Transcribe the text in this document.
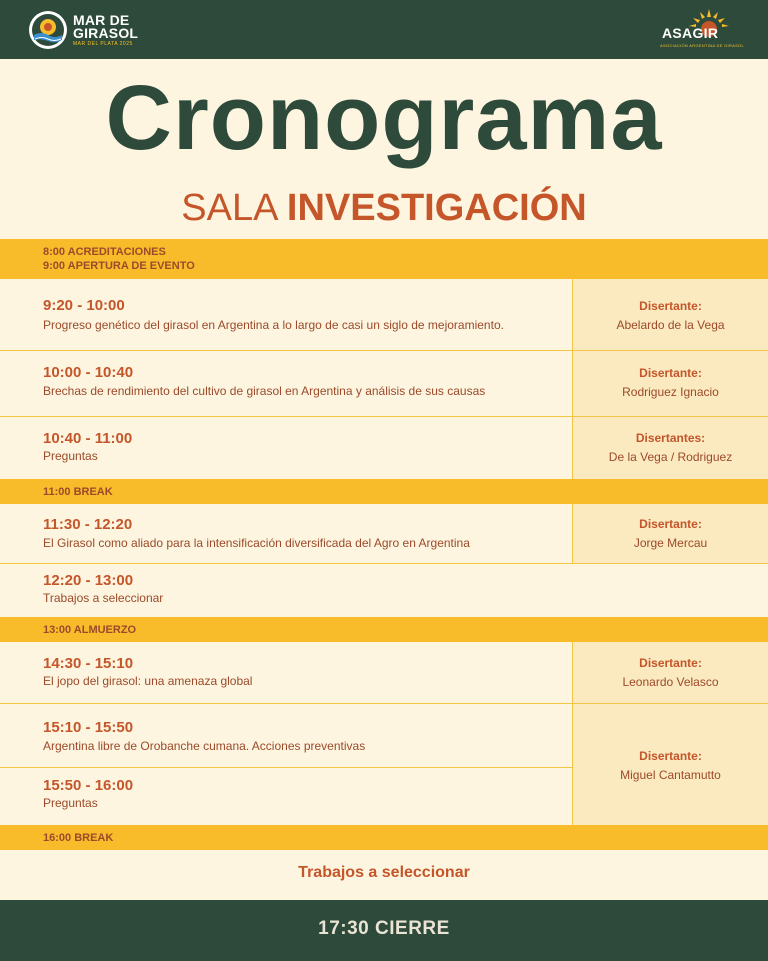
MAR DE
GIRASOL
MAR DEL PLATA 2025
ASAGIR
ASOCIACIÓN ARGENTINA DE GIRASOL
Cronograma
SALA INVESTIGACIÓN
8:00 ACREDITACIONES
9:00 APERTURA DE EVENTO
9:20 - 10:00
Progreso genético del girasol en Argentina a lo largo de casi un siglo de mejoramiento.
Disertante:
Abelardo de la Vega
10:00 - 10:40
Brechas de rendimiento del cultivo de girasol en Argentina y análisis de sus causas
Disertante:
Rodriguez Ignacio
10:40 - 11:00
Preguntas
Disertantes:
De la Vega / Rodriguez
11:00 BREAK
11:30 - 12:20
El Girasol como aliado para la intensificación diversificada del Agro en Argentina
Disertante:
Jorge Mercau
12:20 - 13:00
Trabajos a seleccionar
13:00 ALMUERZO
14:30 - 15:10
El jopo del girasol: una amenaza global
Disertante:
Leonardo Velasco
15:10 - 15:50
Argentina libre de Orobanche cumana. Acciones preventivas
15:50 - 16:00
Preguntas
Disertante:
Miguel Cantamutto
16:00 BREAK
Trabajos a seleccionar
17:30 CIERRE
